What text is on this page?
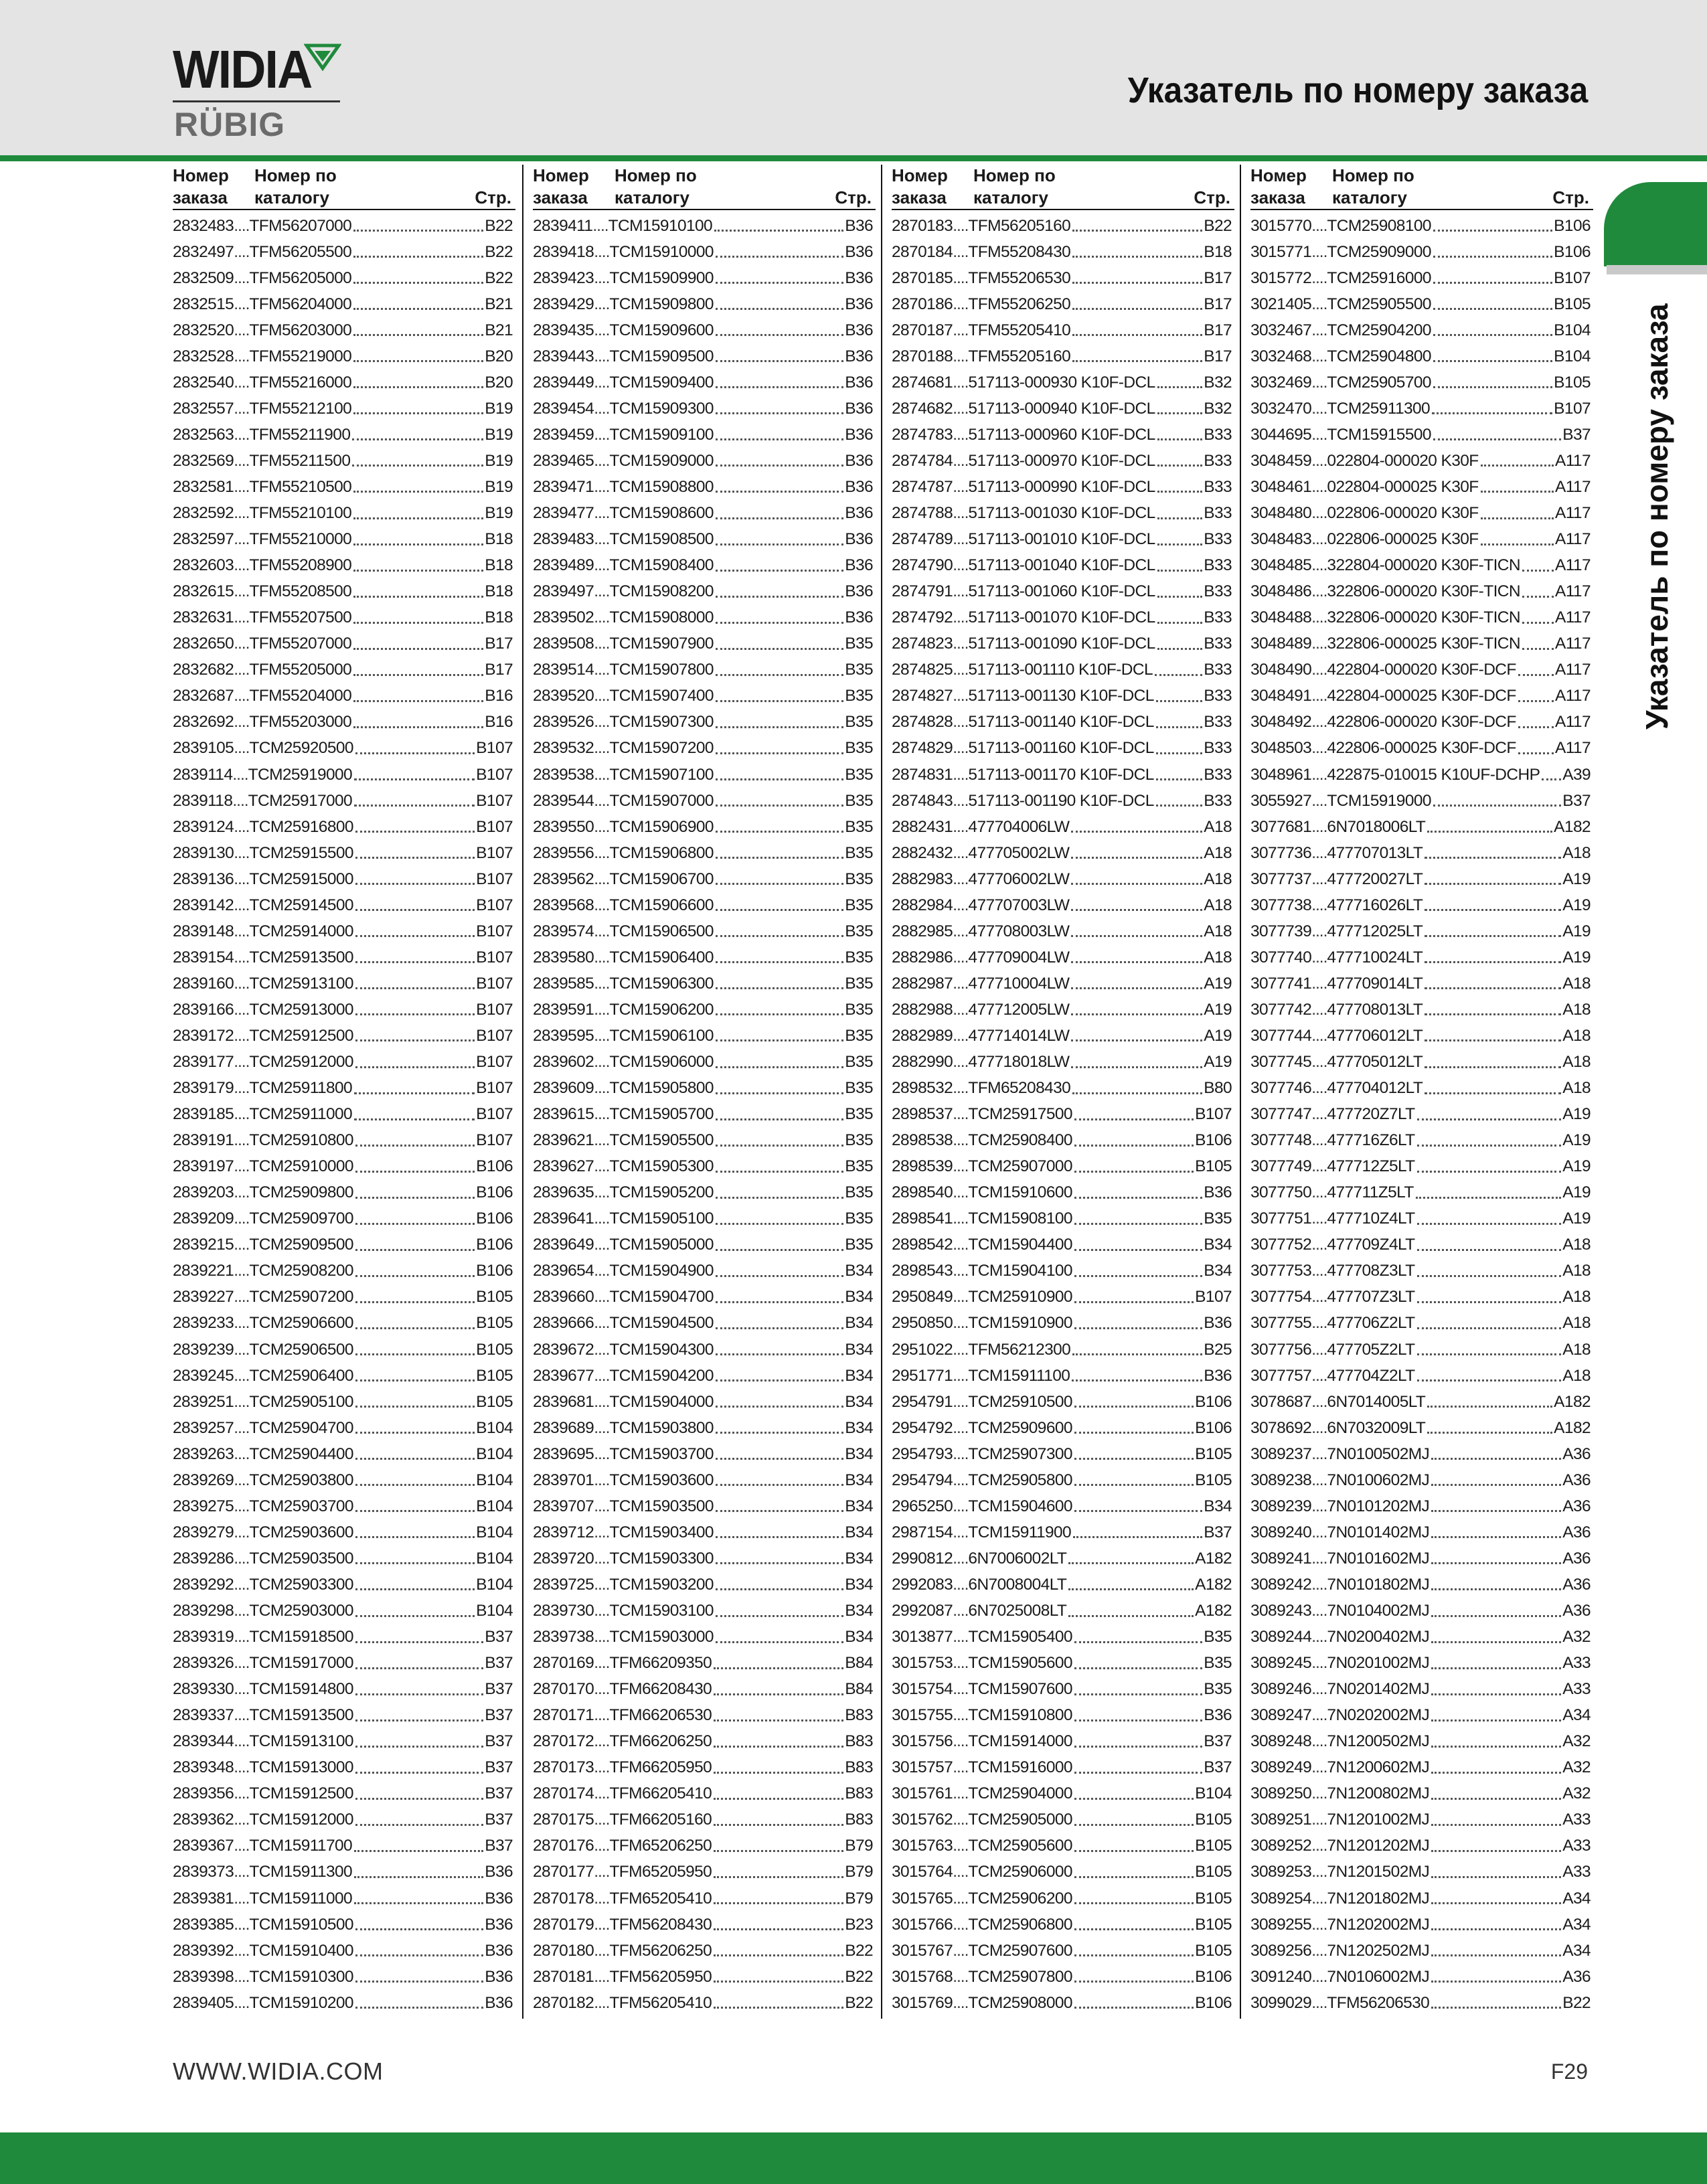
WIDIA
RÜBIG
Указатель по номеру заказа
Указатель по номеру заказа
Номер
заказа
Номер по
каталогу	Стр.
2832483 .... TFM56207000	B22
2832497 .... TFM56205500	B22
2832509 .... TFM56205000	B22
2832515 .... TFM56204000	B21
2832520 .... TFM56203000	B21
2832528 .... TFM55219000	B20
2832540 .... TFM55216000	B20
2832557 .... TFM55212100	B19
2832563 .... TFM55211900	B19
2832569 .... TFM55211500	B19
2832581 .... TFM55210500	B19
2832592 .... TFM55210100	B19
2832597 .... TFM55210000	B18
2832603 .... TFM55208900	B18
2832615 .... TFM55208500	B18
2832631 .... TFM55207500	B18
2832650 .... TFM55207000	B17
2832682 .... TFM55205000	B17
2832687 .... TFM55204000	B16
2832692 .... TFM55203000	B16
2839105 .... TCM25920500	B107
2839114 .... TCM25919000	B107
2839118 .... TCM25917000	B107
2839124 .... TCM25916800	B107
2839130 .... TCM25915500	B107
2839136 .... TCM25915000	B107
2839142 .... TCM25914500	B107
2839148 .... TCM25914000	B107
2839154 .... TCM25913500	B107
2839160 .... TCM25913100	B107
2839166 .... TCM25913000	B107
2839172 .... TCM25912500	B107
2839177 .... TCM25912000	B107
2839179 .... TCM25911800	B107
2839185 .... TCM25911000	B107
2839191 .... TCM25910800	B107
2839197 .... TCM25910000	B106
2839203 .... TCM25909800	B106
2839209 .... TCM25909700	B106
2839215 .... TCM25909500	B106
2839221 .... TCM25908200	B106
2839227 .... TCM25907200	B105
2839233 .... TCM25906600	B105
2839239 .... TCM25906500	B105
2839245 .... TCM25906400	B105
2839251 .... TCM25905100	B105
2839257 .... TCM25904700	B104
2839263 .... TCM25904400	B104
2839269 .... TCM25903800	B104
2839275 .... TCM25903700	B104
2839279 .... TCM25903600	B104
2839286 .... TCM25903500	B104
2839292 .... TCM25903300	B104
2839298 .... TCM25903000	B104
2839319 .... TCM15918500	B37
2839326 .... TCM15917000	B37
2839330 .... TCM15914800	B37
2839337 .... TCM15913500	B37
2839344 .... TCM15913100	B37
2839348 .... TCM15913000	B37
2839356 .... TCM15912500	B37
2839362 .... TCM15912000	B37
2839367 .... TCM15911700	B37
2839373 .... TCM15911300	B36
2839381 .... TCM15911000	B36
2839385 .... TCM15910500	B36
2839392 .... TCM15910400	B36
2839398 .... TCM15910300	B36
2839405 .... TCM15910200	B36
Номер
заказа
Номер по
каталогу	Стр.
2839411 .... TCM15910100	B36
2839418 .... TCM15910000	B36
2839423 .... TCM15909900	B36
2839429 .... TCM15909800	B36
2839435 .... TCM15909600	B36
2839443 .... TCM15909500	B36
2839449 .... TCM15909400	B36
2839454 .... TCM15909300	B36
2839459 .... TCM15909100	B36
2839465 .... TCM15909000	B36
2839471 .... TCM15908800	B36
2839477 .... TCM15908600	B36
2839483 .... TCM15908500	B36
2839489 .... TCM15908400	B36
2839497 .... TCM15908200	B36
2839502 .... TCM15908000	B36
2839508 .... TCM15907900	B35
2839514 .... TCM15907800	B35
2839520 .... TCM15907400	B35
2839526 .... TCM15907300	B35
2839532 .... TCM15907200	B35
2839538 .... TCM15907100	B35
2839544 .... TCM15907000	B35
2839550 .... TCM15906900	B35
2839556 .... TCM15906800	B35
2839562 .... TCM15906700	B35
2839568 .... TCM15906600	B35
2839574 .... TCM15906500	B35
2839580 .... TCM15906400	B35
2839585 .... TCM15906300	B35
2839591 .... TCM15906200	B35
2839595 .... TCM15906100	B35
2839602 .... TCM15906000	B35
2839609 .... TCM15905800	B35
2839615 .... TCM15905700	B35
2839621 .... TCM15905500	B35
2839627 .... TCM15905300	B35
2839635 .... TCM15905200	B35
2839641 .... TCM15905100	B35
2839649 .... TCM15905000	B35
2839654 .... TCM15904900	B34
2839660 .... TCM15904700	B34
2839666 .... TCM15904500	B34
2839672 .... TCM15904300	B34
2839677 .... TCM15904200	B34
2839681 .... TCM15904000	B34
2839689 .... TCM15903800	B34
2839695 .... TCM15903700	B34
2839701 .... TCM15903600	B34
2839707 .... TCM15903500	B34
2839712 .... TCM15903400	B34
2839720 .... TCM15903300	B34
2839725 .... TCM15903200	B34
2839730 .... TCM15903100	B34
2839738 .... TCM15903000	B34
2870169 .... TFM66209350	B84
2870170 .... TFM66208430	B84
2870171 .... TFM66206530	B83
2870172 .... TFM66206250	B83
2870173 .... TFM66205950	B83
2870174 .... TFM66205410	B83
2870175 .... TFM66205160	B83
2870176 .... TFM65206250	B79
2870177 .... TFM65205950	B79
2870178 .... TFM65205410	B79
2870179 .... TFM56208430	B23
2870180 .... TFM56206250	B22
2870181 .... TFM56205950	B22
2870182 .... TFM56205410	B22
Номер
заказа
Номер по
каталогу	Стр.
2870183 .... TFM56205160	B22
2870184 .... TFM55208430	B18
2870185 .... TFM55206530	B17
2870186 .... TFM55206250	B17
2870187 .... TFM55205410	B17
2870188 .... TFM55205160	B17
2874681 .... 517113-000930 K10F-DCL	B32
2874682 .... 517113-000940 K10F-DCL	B32
2874783 .... 517113-000960 K10F-DCL	B33
2874784 .... 517113-000970 K10F-DCL	B33
2874787 .... 517113-000990 K10F-DCL	B33
2874788 .... 517113-001030 K10F-DCL	B33
2874789 .... 517113-001010 K10F-DCL	B33
2874790 .... 517113-001040 K10F-DCL	B33
2874791 .... 517113-001060 K10F-DCL	B33
2874792 .... 517113-001070 K10F-DCL	B33
2874823 .... 517113-001090 K10F-DCL	B33
2874825 .... 517113-001110 K10F-DCL	B33
2874827 .... 517113-001130 K10F-DCL	B33
2874828 .... 517113-001140 K10F-DCL	B33
2874829 .... 517113-001160 K10F-DCL	B33
2874831 .... 517113-001170 K10F-DCL	B33
2874843 .... 517113-001190 K10F-DCL	B33
2882431 .... 477704006LW	A18
2882432 .... 477705002LW	A18
2882983 .... 477706002LW	A18
2882984 .... 477707003LW	A18
2882985 .... 477708003LW	A18
2882986 .... 477709004LW	A18
2882987 .... 477710004LW	A19
2882988 .... 477712005LW	A19
2882989 .... 477714014LW	A19
2882990 .... 477718018LW	A19
2898532 .... TFM65208430	B80
2898537 .... TCM25917500	B107
2898538 .... TCM25908400	B106
2898539 .... TCM25907000	B105
2898540 .... TCM15910600	B36
2898541 .... TCM15908100	B35
2898542 .... TCM15904400	B34
2898543 .... TCM15904100	B34
2950849 .... TCM25910900	B107
2950850 .... TCM15910900	B36
2951022 .... TFM56212300	B25
2951771 .... TCM15911100	B36
2954791 .... TCM25910500	B106
2954792 .... TCM25909600	B106
2954793 .... TCM25907300	B105
2954794 .... TCM25905800	B105
2965250 .... TCM15904600	B34
2987154 .... TCM15911900	B37
2990812 .... 6N7006002LT	A182
2992083 .... 6N7008004LT	A182
2992087 .... 6N7025008LT	A182
3013877 .... TCM15905400	B35
3015753 .... TCM15905600	B35
3015754 .... TCM15907600	B35
3015755 .... TCM15910800	B36
3015756 .... TCM15914000	B37
3015757 .... TCM15916000	B37
3015761 .... TCM25904000	B104
3015762 .... TCM25905000	B105
3015763 .... TCM25905600	B105
3015764 .... TCM25906000	B105
3015765 .... TCM25906200	B105
3015766 .... TCM25906800	B105
3015767 .... TCM25907600	B105
3015768 .... TCM25907800	B106
3015769 .... TCM25908000	B106
Номер
заказа
Номер по
каталогу	Стр.
3015770 .... TCM25908100	B106
3015771 .... TCM25909000	B106
3015772 .... TCM25916000	B107
3021405 .... TCM25905500	B105
3032467 .... TCM25904200	B104
3032468 .... TCM25904800	B104
3032469 .... TCM25905700	B105
3032470 .... TCM25911300	B107
3044695 .... TCM15915500	B37
3048459 .... 022804-000020 K30F	A117
3048461 .... 022804-000025 K30F	A117
3048480 .... 022806-000020 K30F	A117
3048483 .... 022806-000025 K30F	A117
3048485 .... 322804-000020 K30F-TICN A117
3048486 .... 322806-000020 K30F-TICN A117
3048488 .... 322806-000020 K30F-TICN A117
3048489 .... 322806-000025 K30F-TICN A117
3048490 .... 422804-000020 K30F-DCF A117
3048491 .... 422804-000025 K30F-DCF A117
3048492 .... 422806-000020 K30F-DCF A117
3048503 .... 422806-000025 K30F-DCF A117
3048961 .... 422875-010015 K10UF-DCHP A39
3055927 .... TCM15919000	B37
3077681 .... 6N7018006LT	A182
3077736 .... 477707013LT	A18
3077737 .... 477720027LT	A19
3077738 .... 477716026LT	A19
3077739 .... 477712025LT	A19
3077740 .... 477710024LT	A19
3077741 .... 477709014LT	A18
3077742 .... 477708013LT	A18
3077744 .... 477706012LT	A18
3077745 .... 477705012LT	A18
3077746 .... 477704012LT	A18
3077747 .... 477720Z7LT	A19
3077748 .... 477716Z6LT	A19
3077749 .... 477712Z5LT	A19
3077750 .... 477711Z5LT	A19
3077751 .... 477710Z4LT	A19
3077752 .... 477709Z4LT	A18
3077753 .... 477708Z3LT	A18
3077754 .... 477707Z3LT	A18
3077755 .... 477706Z2LT	A18
3077756 .... 477705Z2LT	A18
3077757 .... 477704Z2LT	A18
3078687 .... 6N7014005LT	A182
3078692 .... 6N7032009LT	A182
3089237 .... 7N0100502MJ	A36
3089238 .... 7N0100602MJ	A36
3089239 .... 7N0101202MJ	A36
3089240 .... 7N0101402MJ	A36
3089241 .... 7N0101602MJ	A36
3089242 .... 7N0101802MJ	A36
3089243 .... 7N0104002MJ	A36
3089244 .... 7N0200402MJ	A32
3089245 .... 7N0201002MJ	A33
3089246 .... 7N0201402MJ	A33
3089247 .... 7N0202002MJ	A34
3089248 .... 7N1200502MJ	A32
3089249 .... 7N1200602MJ	A32
3089250 .... 7N1200802MJ	A32
3089251 .... 7N1201002MJ	A33
3089252 .... 7N1201202MJ	A33
3089253 .... 7N1201502MJ	A33
3089254 .... 7N1201802MJ	A34
3089255 .... 7N1202002MJ	A34
3089256 .... 7N1202502MJ	A34
3091240 .... 7N0106002MJ	A36
3099029 .... TFM56206530	B22
WWW.WIDIA.COM	F29
